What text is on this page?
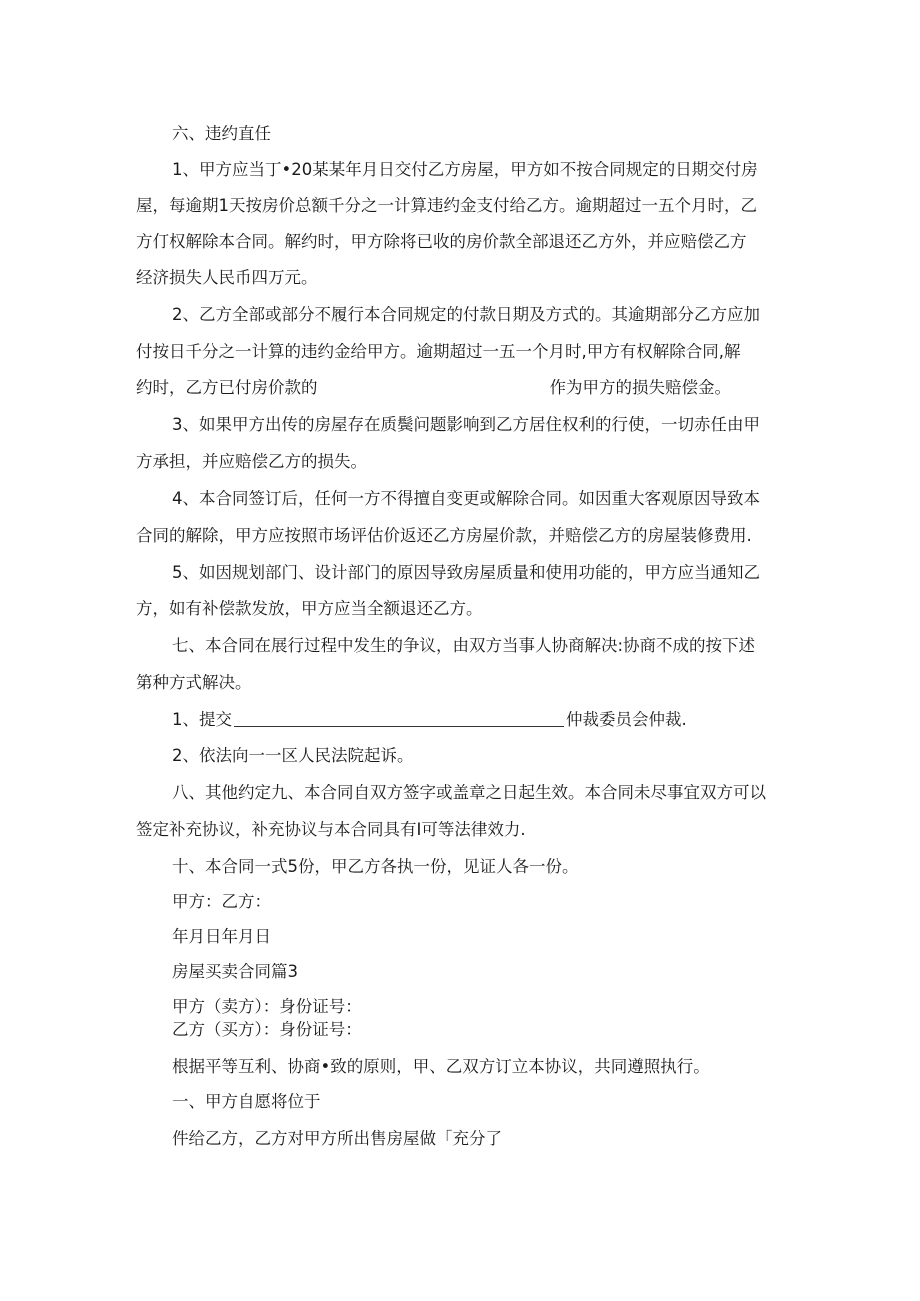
六、违约直任

1、甲方应当丁•20某某年月日交付乙方房屋，甲方如不按合同规定的日期交付房

屋，每逾期1天按房价总额千分之一计算违约金支付给乙方。逾期超过一五个月时，乙

方仃权解除本合同。解约时，甲方除将已收的房价款全部退还乙方外，并应赔偿乙方

经济损失人民币四万元。

2、乙方全部或部分不履行本合同规定的付款日期及方式的。其逾期部分乙方应加

付按日千分之一计算的违约金给甲方。逾期超过一五一个月时,甲方有权解除合同,解

约时，乙方已付房价款的	作为甲方的损失赔偿金。

3、如果甲方出传的房屋存在质鬓问题影响到乙方居住权利的行使，一切赤任由甲

方承担，并应赔偿乙方的损失。

4、本合同签订后，任何一方不得擅自变更或解除合同。如因重大客观原因导致本

合同的解除，甲方应按照市场评估价返还乙方房屋价款，并赔偿乙方的房屋装修费用.

5、如因规划部门、设计部门的原因导致房屋质量和使用功能的，甲方应当通知乙

方，如有补偿款发放，甲方应当全额退还乙方。

七、本合同在展行过程中发生的争议，由双方当事人协商解决:协商不成的按下述

第种方式解决。

1、提交	仲裁委员会仲裁.

2、依法向一一区人民法院起诉。

八、其他约定九、本合同自双方签字或盖章之日起生效。本合同未尽事宜双方可以

签定补充协议，补充协议与本合同具有I可等法律效力.

十、本合同一式5份，甲乙方各执一份，见证人各一份。

甲方：乙方：

年月日年月日

房屋买卖合同篇3

甲方（卖方）：身份证号：

乙方（买方）：身份证号：

根据平等互利、协商•致的原则，甲、乙双方订立本协议，共同遵照执行。

一、甲方自愿将位于

件给乙方，乙方对甲方所出售房屋做「充分了
